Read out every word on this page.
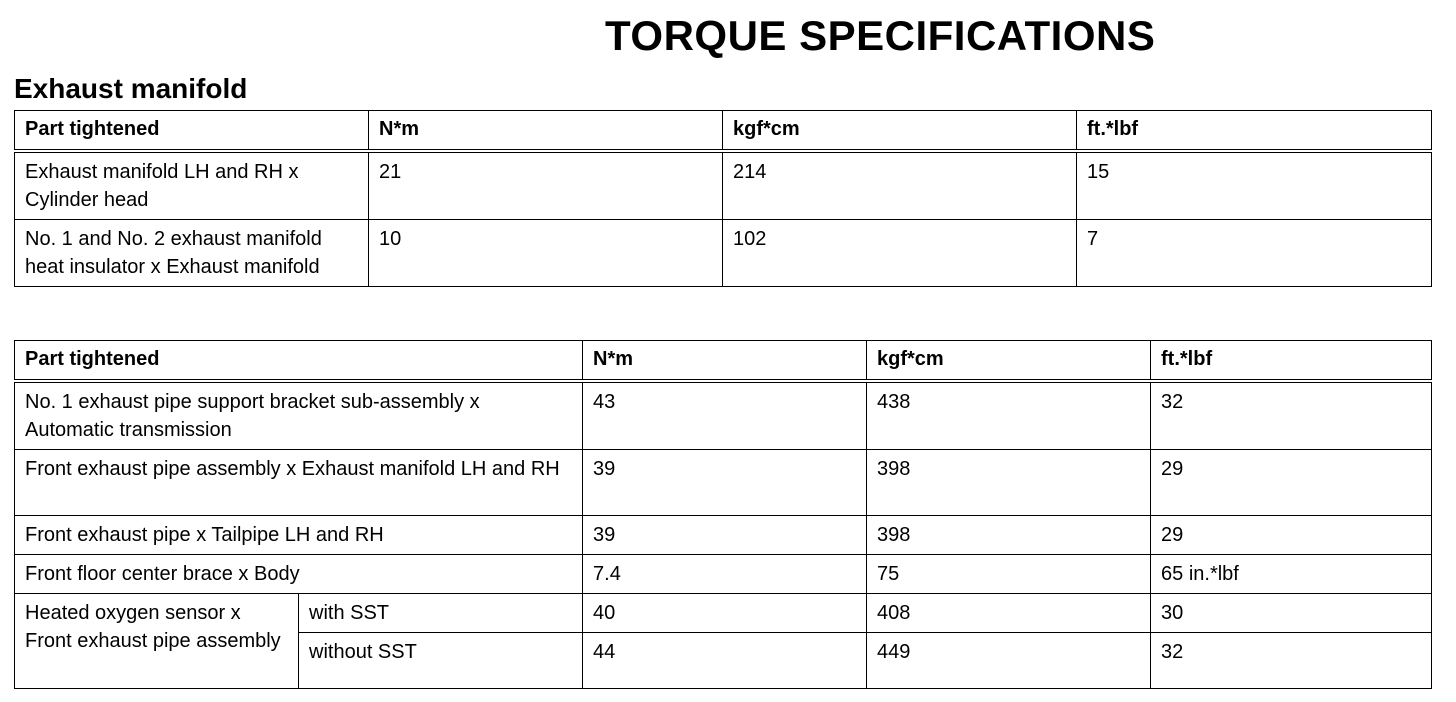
TORQUE SPECIFICATIONS
Exhaust manifold
Part tightened	N*m	kgf*cm	ft.*lbf
Exhaust manifold LH and RH x Cylinder head	21	214	15
No. 1 and No. 2 exhaust manifold heat insulator x Exhaust manifold	10	102	7
Part tightened		N*m	kgf*cm	ft.*lbf
No. 1 exhaust pipe support bracket sub-assembly x Automatic transmission		43	438	32
Front exhaust pipe assembly x Exhaust manifold LH and RH		39	398	29
Front exhaust pipe x Tailpipe LH and RH		39	398	29
Front floor center brace x Body		7.4	75	65 in.*lbf
Heated oxygen sensor x Front exhaust pipe assembly	with SST	40	408	30
	without SST	44	449	32
